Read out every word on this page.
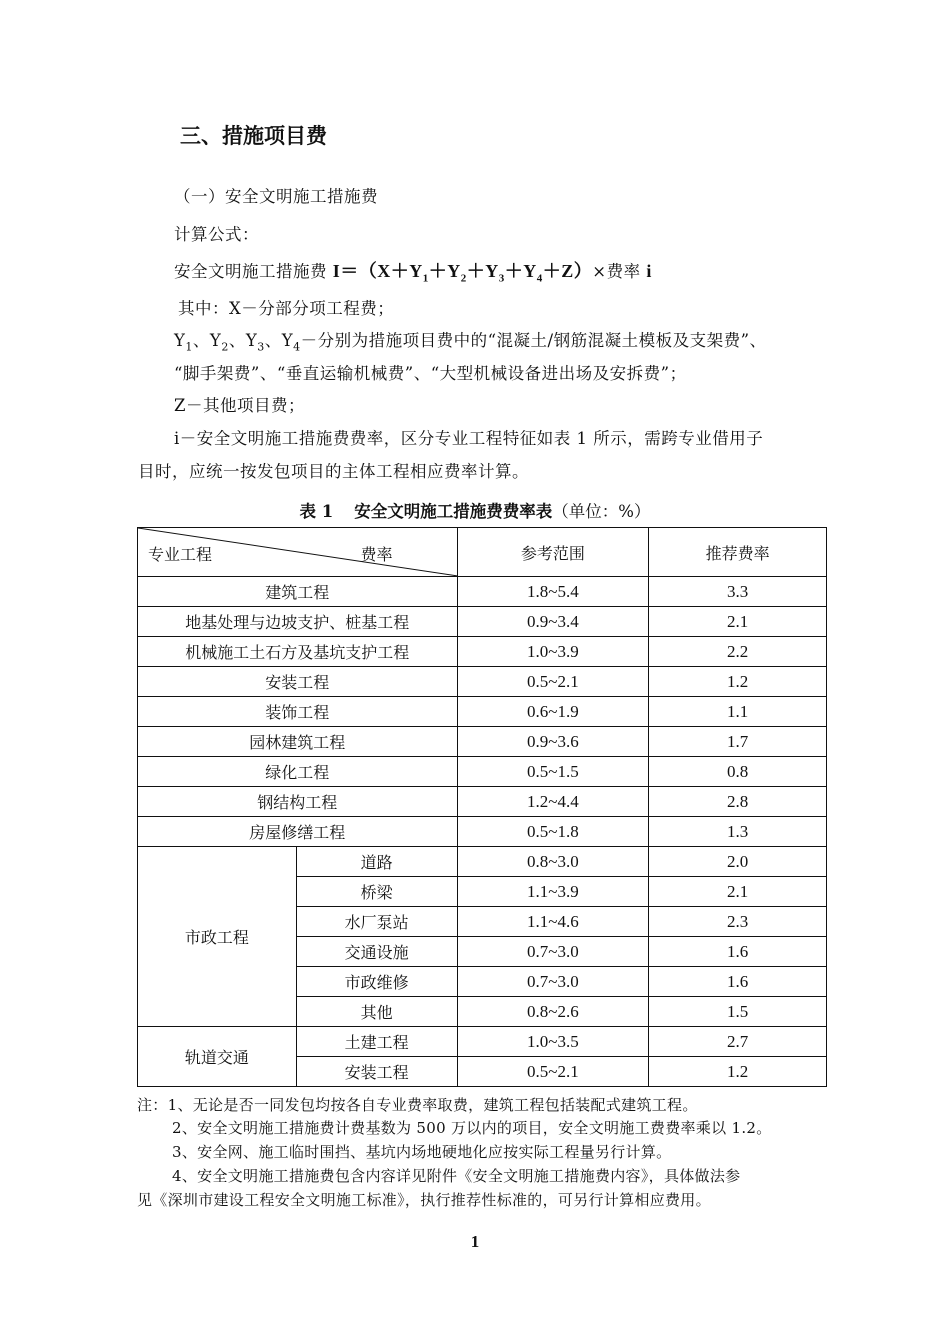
三、措施项目费
（一）安全文明施工措施费
计算公式：
安全文明施工措施费 $I=(X+Y_1+Y_2+Y_3+Y_4+Z)\times$费率 i
其中：X－分部分项工程费；
$Y_1$、$Y_2$、$Y_3$、$Y_4-$分别为措施项目费中的“混凝土/钢筋混凝土模板及支架费”、
“脚手架费”、“垂直运输机械费”、“大型机械设备进出场及安拆费”；
Z－其他项目费；
i－安全文明施工措施费费率，区分专业工程特征如表 1 所示，需跨专业借用子
目时，应统一按发包项目的主体工程相应费率计算。
表 1 安全文明施工措施费费率表（单位：%）
专业工程 费率		参考范围	推荐费率
建筑工程		1.8~5.4	3.3
地基处理与边坡支护、桩基工程		0.9~3.4	2.1
机械施工土石方及基坑支护工程		1.0~3.9	2.2
安装工程		0.5~2.1	1.2
装饰工程		0.6~1.9	1.1
园林建筑工程		0.9~3.6	1.7
绿化工程		0.5~1.5	0.8
钢结构工程		1.2~4.4	2.8
房屋修缮工程		0.5~1.8	1.3
市政工程	道路	0.8~3.0	2.0
	桥梁	1.1~3.9	2.1
	水厂泵站	1.1~4.6	2.3
	交通设施	0.7~3.0	1.6
	市政维修	0.7~3.0	1.6
	其他	0.8~2.6	1.5
轨道交通	土建工程	1.0~3.5	2.7
	安装工程	0.5~2.1	1.2
注：1、无论是否一同发包均按各自专业费率取费，建筑工程包括装配式建筑工程。
2、安全文明施工措施费计费基数为 500 万以内的项目，安全文明施工费费率乘以 1.2。
3、安全网、施工临时围挡、基坑内场地硬地化应按实际工程量另行计算。
4、安全文明施工措施费包含内容详见附件《安全文明施工措施费内容》，具体做法参
见《深圳市建设工程安全文明施工标准》，执行推荐性标准的，可另行计算相应费用。
1
